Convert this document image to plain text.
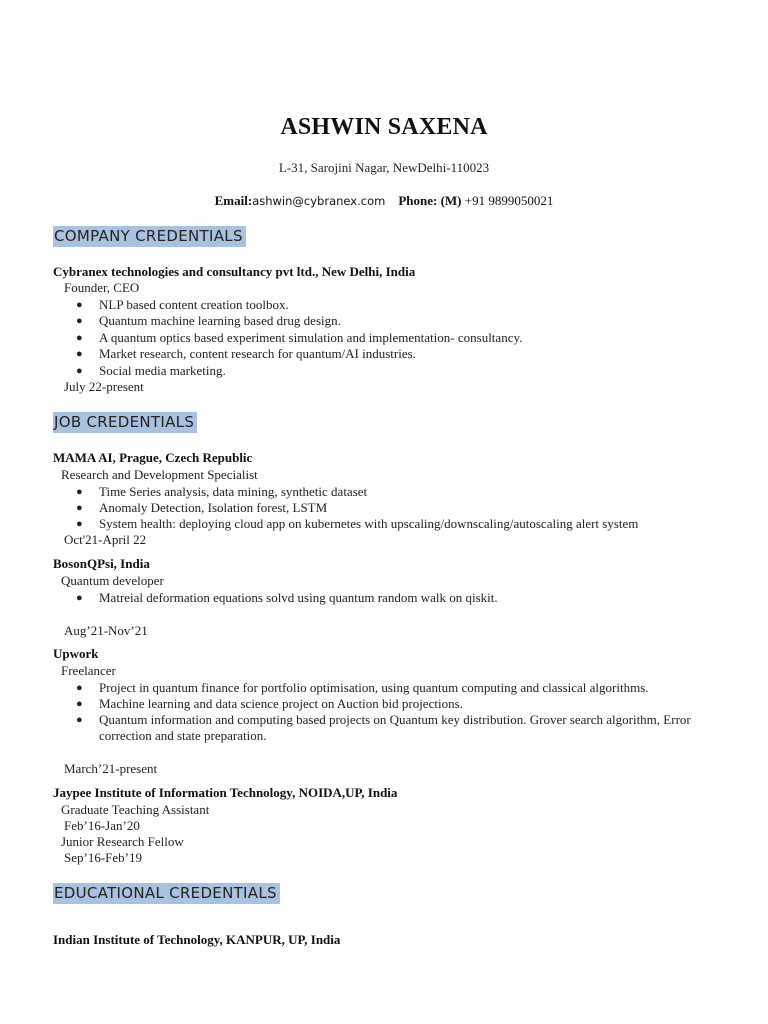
ASHWIN SAXENA
L-31, Sarojini Nagar, NewDelhi-110023
Email:ashwin@cybranex.com Phone: (M) +91 9899050021
COMPANY CREDENTIALS
Cybranex technologies and consultancy pvt ltd., New Delhi, India
Founder, CEO
● NLP based content creation toolbox.
● Quantum machine learning based drug design.
● A quantum optics based experiment simulation and implementation- consultancy.
● Market research, content research for quantum/AI industries.
● Social media marketing.
July 22-present
JOB CREDENTIALS
MAMA AI, Prague, Czech Republic
Research and Development Specialist
● Time Series analysis, data mining, synthetic dataset
● Anomaly Detection, Isolation forest, LSTM
● System health: deploying cloud app on kubernetes with upscaling/downscaling/autoscaling alert system
Oct'21-April 22
BosonQPsi, India
Quantum developer
● Matreial deformation equations solvd using quantum random walk on qiskit.
Aug’21-Nov’21
Upwork
Freelancer
● Project in quantum finance for portfolio optimisation, using quantum computing and classical algorithms.
● Machine learning and data science project on Auction bid projections.
● Quantum information and computing based projects on Quantum key distribution. Grover search algorithm, Error correction and state preparation.
March’21-present
Jaypee Institute of Information Technology, NOIDA,UP, India
Graduate Teaching Assistant
Feb’16-Jan’20
Junior Research Fellow
Sep’16-Feb’19
EDUCATIONAL CREDENTIALS
Indian Institute of Technology, KANPUR, UP, India
